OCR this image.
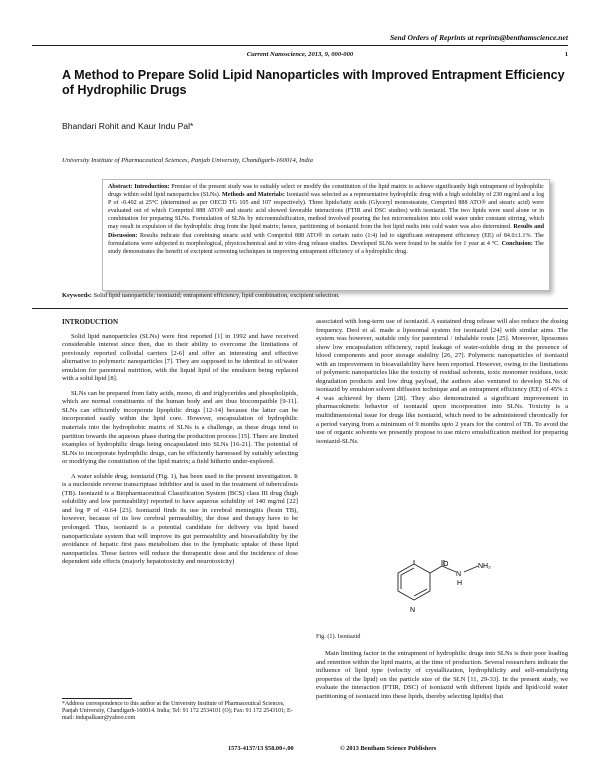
Send Orders of Reprints at reprints@benthamscience.net
Current Nanoscience, 2013, 9, 000-000	1
A Method to Prepare Solid Lipid Nanoparticles with Improved Entrapment Efficiency of Hydrophilic Drugs
Bhandari Rohit and Kaur Indu Pal*
University Institute of Pharmaceutical Sciences, Panjab University, Chandigarh-160014, India
Abstract: Introduction: Premise of the present study was to suitably select or modify the constitution of the lipid matrix to achieve significantly high entrapment of hydrophilic drugs within solid lipid nanoparticles (SLNs). Methods and Materials: Isoniazid was selected as a representative hydrophilic drug with a high solubility of 230 mg/ml and a log P of -0.402 at 25°C (determined as per OECD TG 105 and 107 respectively). Three lipids/fatty acids (Glyceryl monostearate, Compritol 888 ATO® and stearic acid) were evaluated out of which Compritol 888 ATO® and stearic acid showed favorable interactions (FTIR and DSC studies) with isoniazid. The two lipids were used alone or in combination for preparing SLNs. Formulation of SLNs by microemulsification, method involved pouring the hot microemulsion into cold water under constant stirring, which may result in expulsion of the hydrophilic drug from the lipid matrix; hence, partitioning of isoniazid from the hot lipid melts into cold water was also determined. Results and Discussion: Results indicate that combining stearic acid with Compritol 888 ATO® in certain ratio (1:4) led to significant entrapment efficiency (EE) of 84.0±1.1%. The formulations were subjected to morphological, physicochemical and in vitro drug release studies. Developed SLNs were found to be stable for 1 year at 4 °C. Conclusion: The study demonstrates the benefit of excipient screening techniques in improving entrapment efficiency of a hydrophilic drug.
Keywords: Solid lipid nanoparticle; isoniazid; entrapment efficiency, lipid combination, excipient selection.
INTRODUCTION

Solid lipid nanoparticles (SLNs) were first reported [1] in 1992 and have received considerable interest since then, due to their ability to overcome the limitations of previously reported colloidal carriers [2-6] and offer an interesting and effective alternative to polymeric nanoparticles [7]. They are supposed to be identical to oil/water emulsion for parenteral nutrition, with the liquid lipid of the emulsion being replaced with a solid lipid [8].

SLNs can be prepared from fatty acids, mono, di and triglycerides and phospholipids, which are normal constituents of the human body and are thus biocompatible [9-11]. SLNs can efficiently incorporate lipophilic drugs [12-14] because the latter can be incorporated easily within the lipid core. However, encapsulation of hydrophilic materials into the hydrophobic matrix of SLNs is a challenge, as these drugs tend to partition towards the aqueous phase during the production process [15]. There are limited examples of hydrophilic drugs being encapsulated into SLNs [16-21]. The potential of SLNs to incorporate hydrophilic drugs, can be efficiently harnessed by suitably selecting or modifying the constitution of the lipid matrix; a field hitherto under-explored.

A water soluble drug, isoniazid (Fig. 1), has been used in the present investigation. It is a nucleoside reverse transcriptase inhibitor and is used in the treatment of tuberculosis (TB). Isoniazid is a Biopharmaceutical Classification System (BCS) class III drug (high solubility and low permeability) reported to have aqueous solubility of 140 mg/ml [22] and log P of -0.64 [23]. Isoniazid finds its use in cerebral meningitis (brain TB), however, because of its low cerebral permeability, the dose and therapy have to be prolonged. Thus, isoniazid is a potential candidate for delivery via lipid based nanoparticulate system that will improve its gut permeability and bioavailability by the avoidance of hepatic first pass metabolism due to the lymphatic uptake of these lipid nanoparticles. These factors will reduce the therapeutic dose and the incidence of dose dependent side effects (majorly hepatotoxicity and neurotoxicity)

associated with long-term use of isoniazid. A sustained drug release will also reduce the dosing frequency. Deol et al. made a liposomal system for isoniazid [24] with similar aims. The system was however, suitable only for parenteral / inhalable route [25]. Moreover, liposomes show low encapsulation efficiency, rapid leakage of water-soluble drug in the presence of blood components and poor storage stability [26, 27]. Polymeric nanoparticles of isoniazid with an improvement in bioavailability have been reported. However, owing to the limitations of polymeric nanoparticles like the toxicity of residual solvents, toxic monomer residues, toxic degradation products and low drug payload, the authors also ventured to develop SLNs of isoniazid by emulsion solvent diffusion technique and an entrapment efficiency (EE) of 45% ± 4 was achieved by them [28]. They also demonstrated a significant improvement in pharmacokinetic behavior of isoniazid upon incorporation into SLNs. Toxicity is a multidimensional issue for drugs like isoniazid, which need to be administered chronically for a period varying from a minimum of 9 months upto 2 years for the control of TB. To avoid the use of organic solvents we presently propose to use micro emulsification method for preparing isoniazid-SLNs.

O
N
H
NH₂
N
Fig. (1). Isoniazid

Main limiting factor in the entrapment of hydrophilic drugs into SLNs is their poor loading and retention within the lipid matrix, at the time of production. Several researchers indicate the influence of lipid type (velocity of crystallization, hydrophilicity and self-emulsifying properties of the lipid) on the particle size of the SLN [11, 29-33]. In the present study, we evaluate the interaction (FTIR, DSC) of isoniazid with different lipids and lipid/cold water partitioning of isoniazid into these lipids, thereby selecting lipid(s) that

*Address correspondence to this author at the University Institute of Pharmaceutical Sciences, Panjab University, Chandigarh-160014. India; Tel: 91 172 2534101 (O); Fax: 91 172 2543101; E-mail: indupalkaur@yahoo.com
1573-4137/13 $58.00+.00	© 2013 Bentham Science Publishers
